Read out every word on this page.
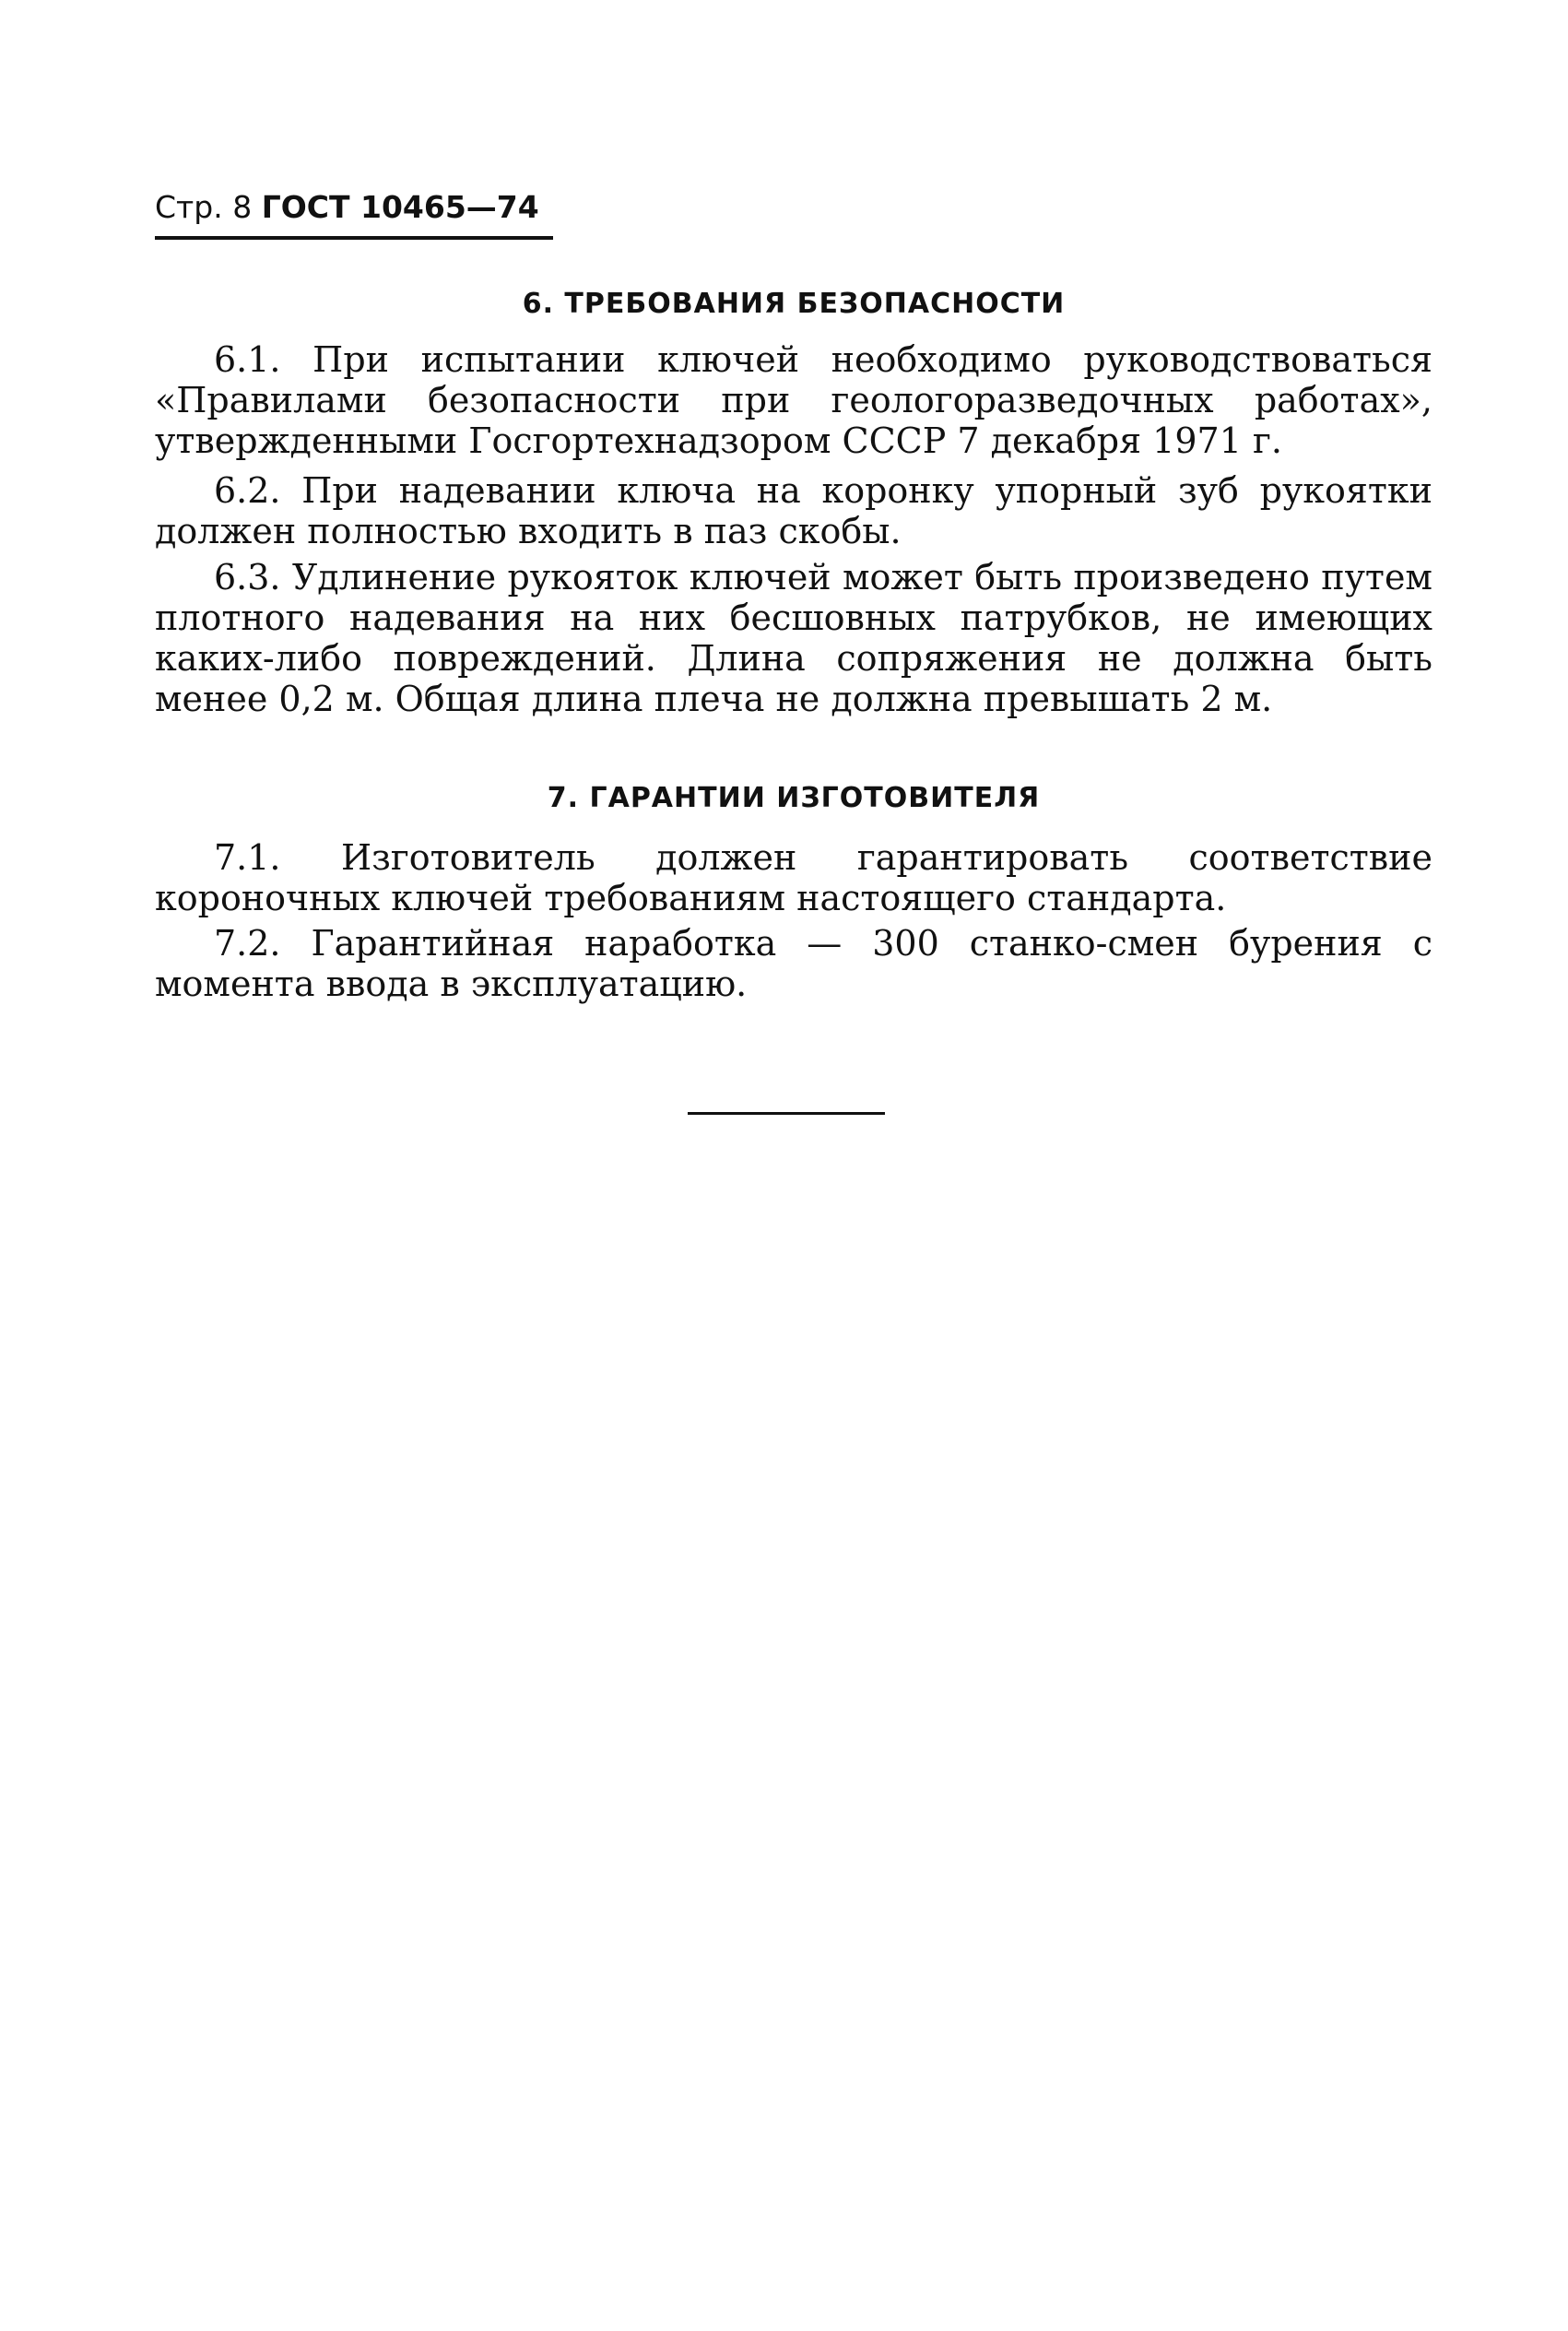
Стр. 8 ГОСТ 10465—74
6. ТРЕБОВАНИЯ БЕЗОПАСНОСТИ

6.1. При испытании ключей необходимо руководствоваться «Правилами безопасности при геологоразведочных работах», утвержденными Госгортехнадзором СССР 7 декабря 1971 г.

6.2. При надевании ключа на коронку упорный зуб рукоятки должен полностью входить в паз скобы.

6.3. Удлинение рукояток ключей может быть произведено путем плотного надевания на них бесшовных патрубков, не имеющих каких-либо повреждений. Длина сопряжения не должна быть менее 0,2 м. Общая длина плеча не должна превышать 2 м.

7. ГАРАНТИИ ИЗГОТОВИТЕЛЯ

7.1. Изготовитель должен гарантировать соответствие короночных ключей требованиям настоящего стандарта.

7.2. Гарантийная наработка — 300 станко-смен бурения с момента ввода в эксплуатацию.
